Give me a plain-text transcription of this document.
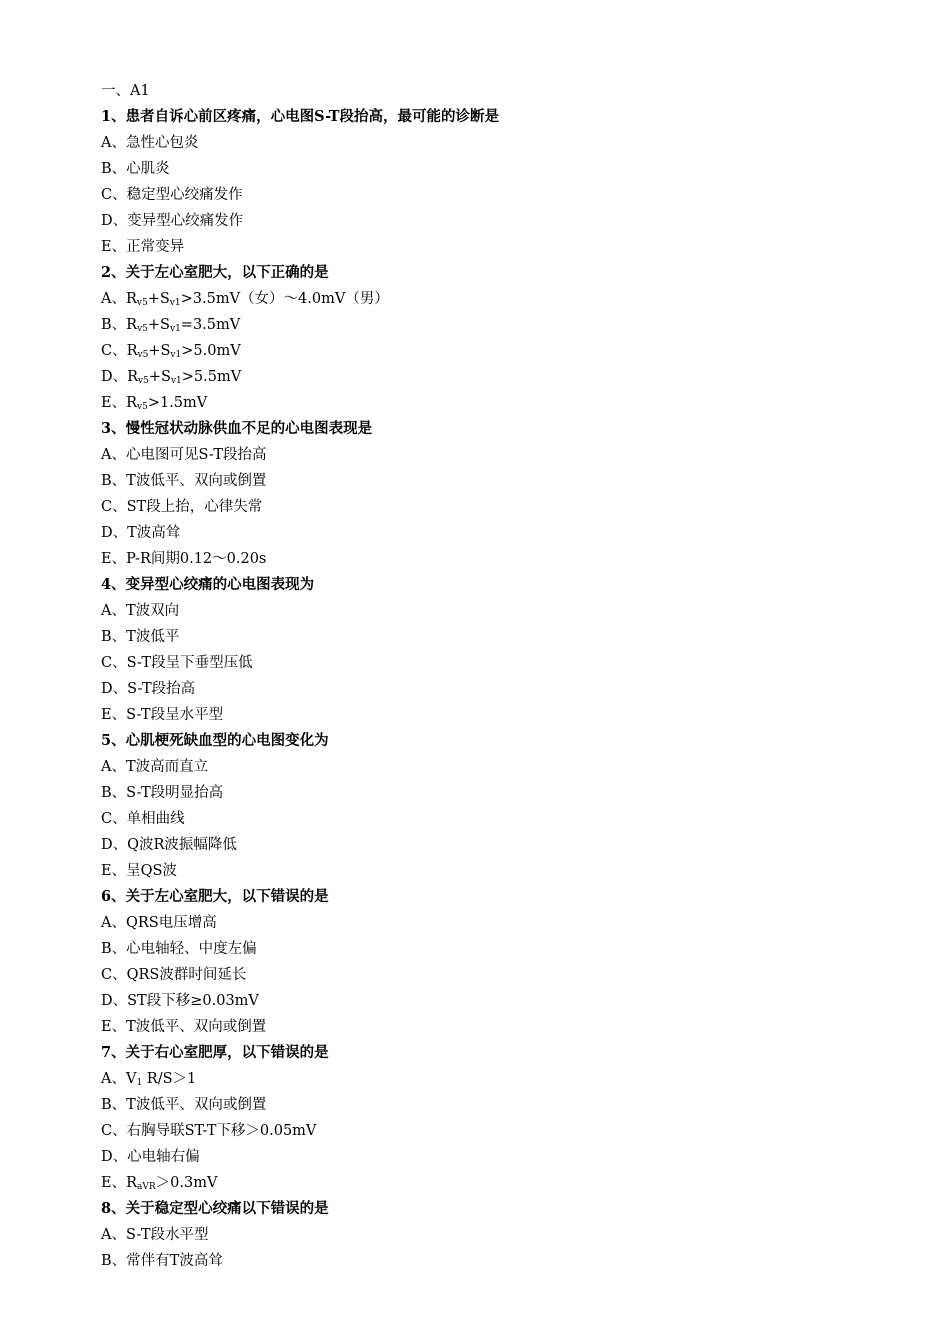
一、A1
1、患者自诉心前区疼痛，心电图S-T段抬高，最可能的诊断是
A、急性心包炎
B、心肌炎
C、稳定型心绞痛发作
D、变异型心绞痛发作
E、正常变异
2、关于左心室肥大，以下正确的是
A、$R_{v5}+S_{v1}>3.5mV$（女）～4.0mV（男）
B、$R_{v5}+S_{v1}=3.5mV$
C、$R_{v5}+S_{v1}>5.0mV$
D、$R_{v5}+S_{v1}>5.5mV$
E、$R_{v5}>1.5mV$
3、慢性冠状动脉供血不足的心电图表现是
A、心电图可见S-T段抬高
B、T波低平、双向或倒置
C、ST段上抬，心律失常
D、T波高耸
E、P-R间期0.12～0.20s
4、变异型心绞痛的心电图表现为
A、T波双向
B、T波低平
C、S-T段呈下垂型压低
D、S-T段抬高
E、S-T段呈水平型
5、心肌梗死缺血型的心电图变化为
A、T波高而直立
B、S-T段明显抬高
C、单相曲线
D、Q波R波振幅降低
E、呈QS波
6、关于左心室肥大，以下错误的是
A、QRS电压增高
B、心电轴轻、中度左偏
C、QRS波群时间延长
D、ST段下移≥0.03mV
E、T波低平、双向或倒置
7、关于右心室肥厚，以下错误的是
A、$V_1$ R/S＞1
B、T波低平、双向或倒置
C、右胸导联ST-T下移＞0.05mV
D、心电轴右偏
E、$R_{aVR}>0.3mV$
8、关于稳定型心绞痛以下错误的是
A、S-T段水平型
B、常伴有T波高耸
